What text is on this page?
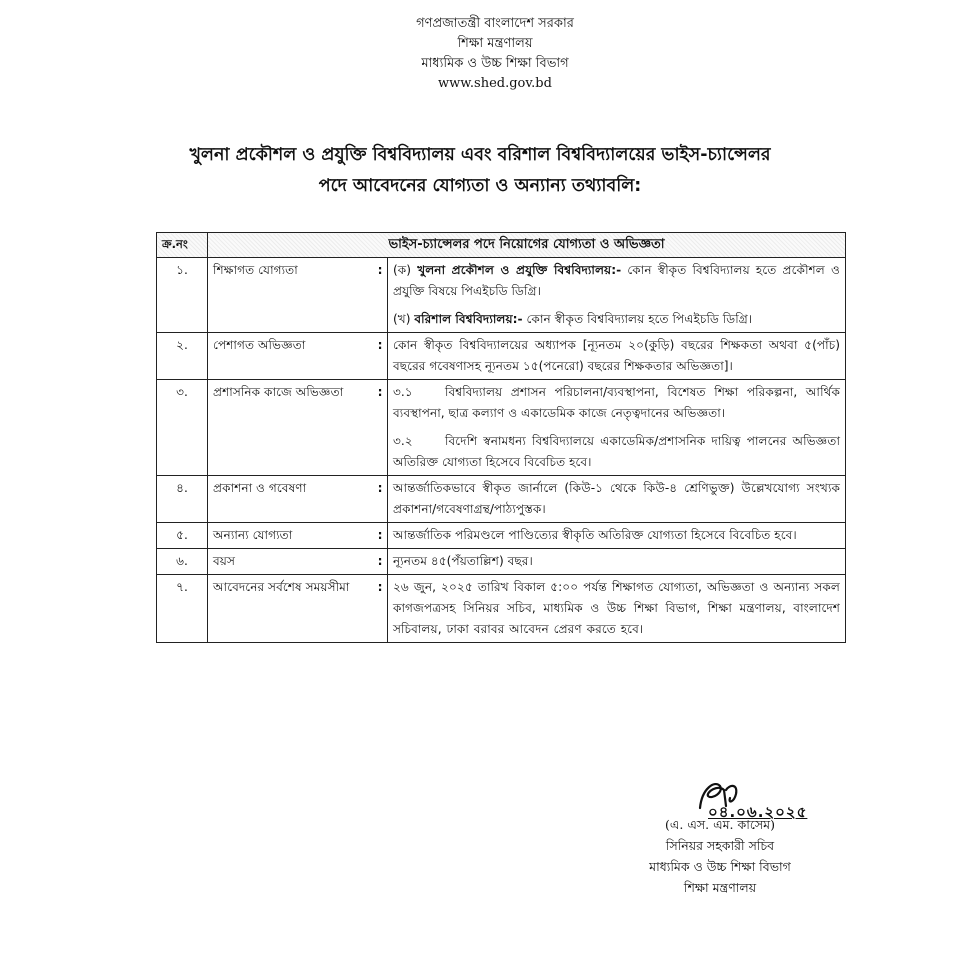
গণপ্রজাতন্ত্রী বাংলাদেশ সরকার
শিক্ষা মন্ত্রণালয়
মাধ্যমিক ও উচ্চ শিক্ষা বিভাগ
www.shed.gov.bd
খুলনা প্রকৌশল ও প্রযুক্তি বিশ্ববিদ্যালয় এবং বরিশাল বিশ্ববিদ্যালয়ের ভাইস-চ্যান্সেলর
পদে আবেদনের যোগ্যতা ও অন্যান্য তথ্যাবলি:
ক্র.নং	ভাইস-চ্যান্সেলর পদে নিয়োগের যোগ্যতা ও অভিজ্ঞতা		
১.	শিক্ষাগত যোগ্যতা	:	(ক) খুলনা প্রকৌশল ও প্রযুক্তি বিশ্ববিদ্যালয়:- কোন স্বীকৃত বিশ্ববিদ্যালয় হতে প্রকৌশল ও প্রযুক্তি বিষয়ে পিএইচডি ডিগ্রি।

(খ) বরিশাল বিশ্ববিদ্যালয়:- কোন স্বীকৃত বিশ্ববিদ্যালয় হতে পিএইচডি ডিগ্রি।

২.	পেশাগত অভিজ্ঞতা	:	কোন স্বীকৃত বিশ্ববিদ্যালয়ের অধ্যাপক [ন্যূনতম ২০(কুড়ি) বছরের শিক্ষকতা অথবা ৫(পাঁচ) বছরের গবেষণাসহ ন্যূনতম ১৫(পনেরো) বছরের শিক্ষকতার অভিজ্ঞতা]।
৩.	প্রশাসনিক কাজে অভিজ্ঞতা	:	৩.১ বিশ্ববিদ্যালয় প্রশাসন পরিচালনা/ব্যবস্থাপনা, বিশেষত শিক্ষা পরিকল্পনা, আর্থিক ব্যবস্থাপনা, ছাত্র কল্যাণ ও একাডেমিক কাজে নেতৃত্বদানের অভিজ্ঞতা।

৩.২ বিদেশি স্বনামধন্য বিশ্ববিদ্যালয়ে একাডেমিক/প্রশাসনিক দায়িত্ব পালনের অভিজ্ঞতা অতিরিক্ত যোগ্যতা হিসেবে বিবেচিত হবে।

৪.	প্রকাশনা ও গবেষণা	:	আন্তর্জাতিকভাবে স্বীকৃত জার্নালে (কিউ-১ থেকে কিউ-৪ শ্রেণিভুক্ত) উল্লেখযোগ্য সংখ্যক প্রকাশনা/গবেষণাগ্রন্থ/পাঠ্যপুস্তক।
৫.	অন্যান্য যোগ্যতা	:	আন্তর্জাতিক পরিমণ্ডলে পাণ্ডিত্যের স্বীকৃতি অতিরিক্ত যোগ্যতা হিসেবে বিবেচিত হবে।
৬.	বয়স	:	ন্যূনতম ৪৫(পঁয়তাল্লিশ) বছর।
৭.	আবেদনের সর্বশেষ সময়সীমা	:	২৬ জুন, ২০২৫ তারিখ বিকাল ৫:০০ পর্যন্ত শিক্ষাগত যোগ্যতা, অভিজ্ঞতা ও অন্যান্য সকল কাগজপত্রসহ সিনিয়র সচিব, মাধ্যমিক ও উচ্চ শিক্ষা বিভাগ, শিক্ষা মন্ত্রণালয়, বাংলাদেশ সচিবালয়, ঢাকা বরাবর আবেদন প্রেরণ করতে হবে।

০৪.০৬.২০২৫
(এ. এস. এম. কাসেম)
সিনিয়র সহকারী সচিব
মাধ্যমিক ও উচ্চ শিক্ষা বিভাগ
শিক্ষা মন্ত্রণালয়
